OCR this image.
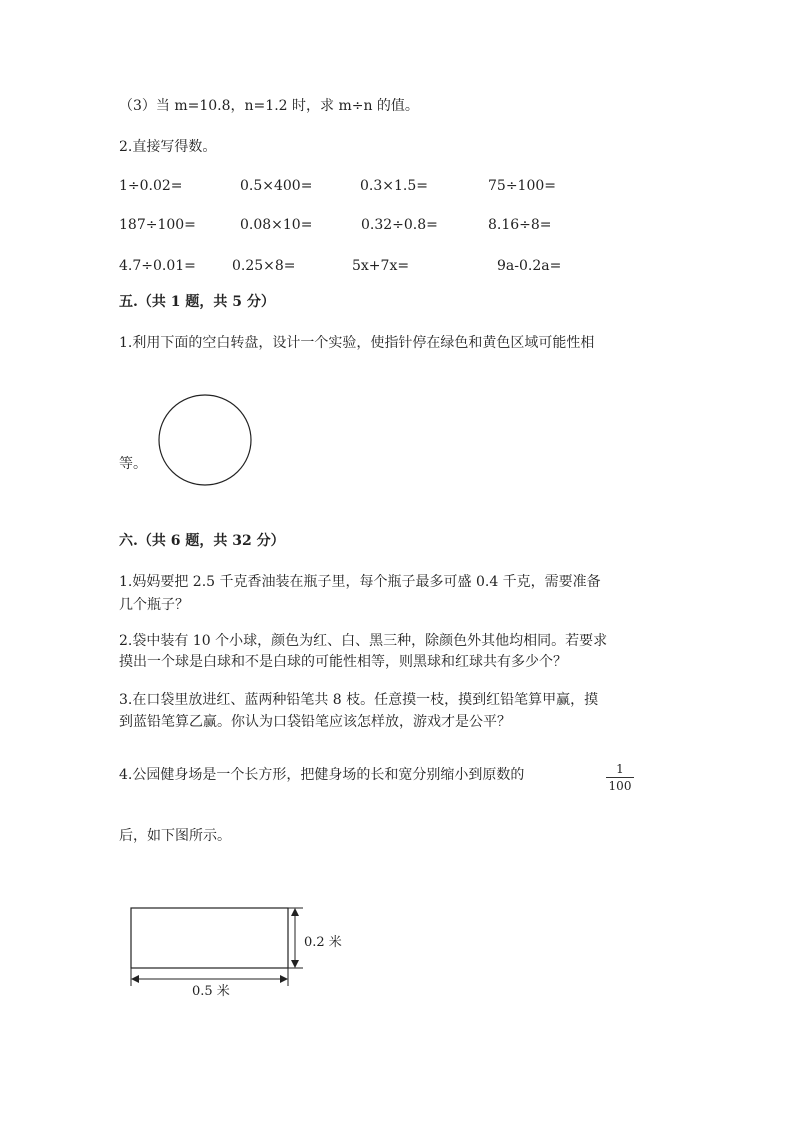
（3）当 m=10.8，n=1.2 时，求 m÷n 的值。
2.直接写得数。
1÷0.02=	0.5×400=	0.3×1.5=	75÷100=
187÷100=	0.08×10=	0.32÷0.8=	8.16÷8=
4.7÷0.01=	0.25×8=	5x+7x=	9a-0.2a=
五.（共 1 题，共 5 分）
1.利用下面的空白转盘，设计一个实验，使指针停在绿色和黄色区域可能性相
等。
六.（共 6 题，共 32 分）
1.妈妈要把 2.5 千克香油装在瓶子里，每个瓶子最多可盛 0.4 千克，需要准备
几个瓶子？
2.袋中装有 10 个小球，颜色为红、白、黑三种，除颜色外其他均相同。若要求
摸出一个球是白球和不是白球的可能性相等，则黑球和红球共有多少个？
3.在口袋里放进红、蓝两种铅笔共 8 枝。任意摸一枝，摸到红铅笔算甲赢，摸
到蓝铅笔算乙赢。你认为口袋铅笔应该怎样放，游戏才是公平？
4.公园健身场是一个长方形，把健身场的长和宽分别缩小到原数的	1
100
后，如下图所示。
0.2 米
0.5 米
